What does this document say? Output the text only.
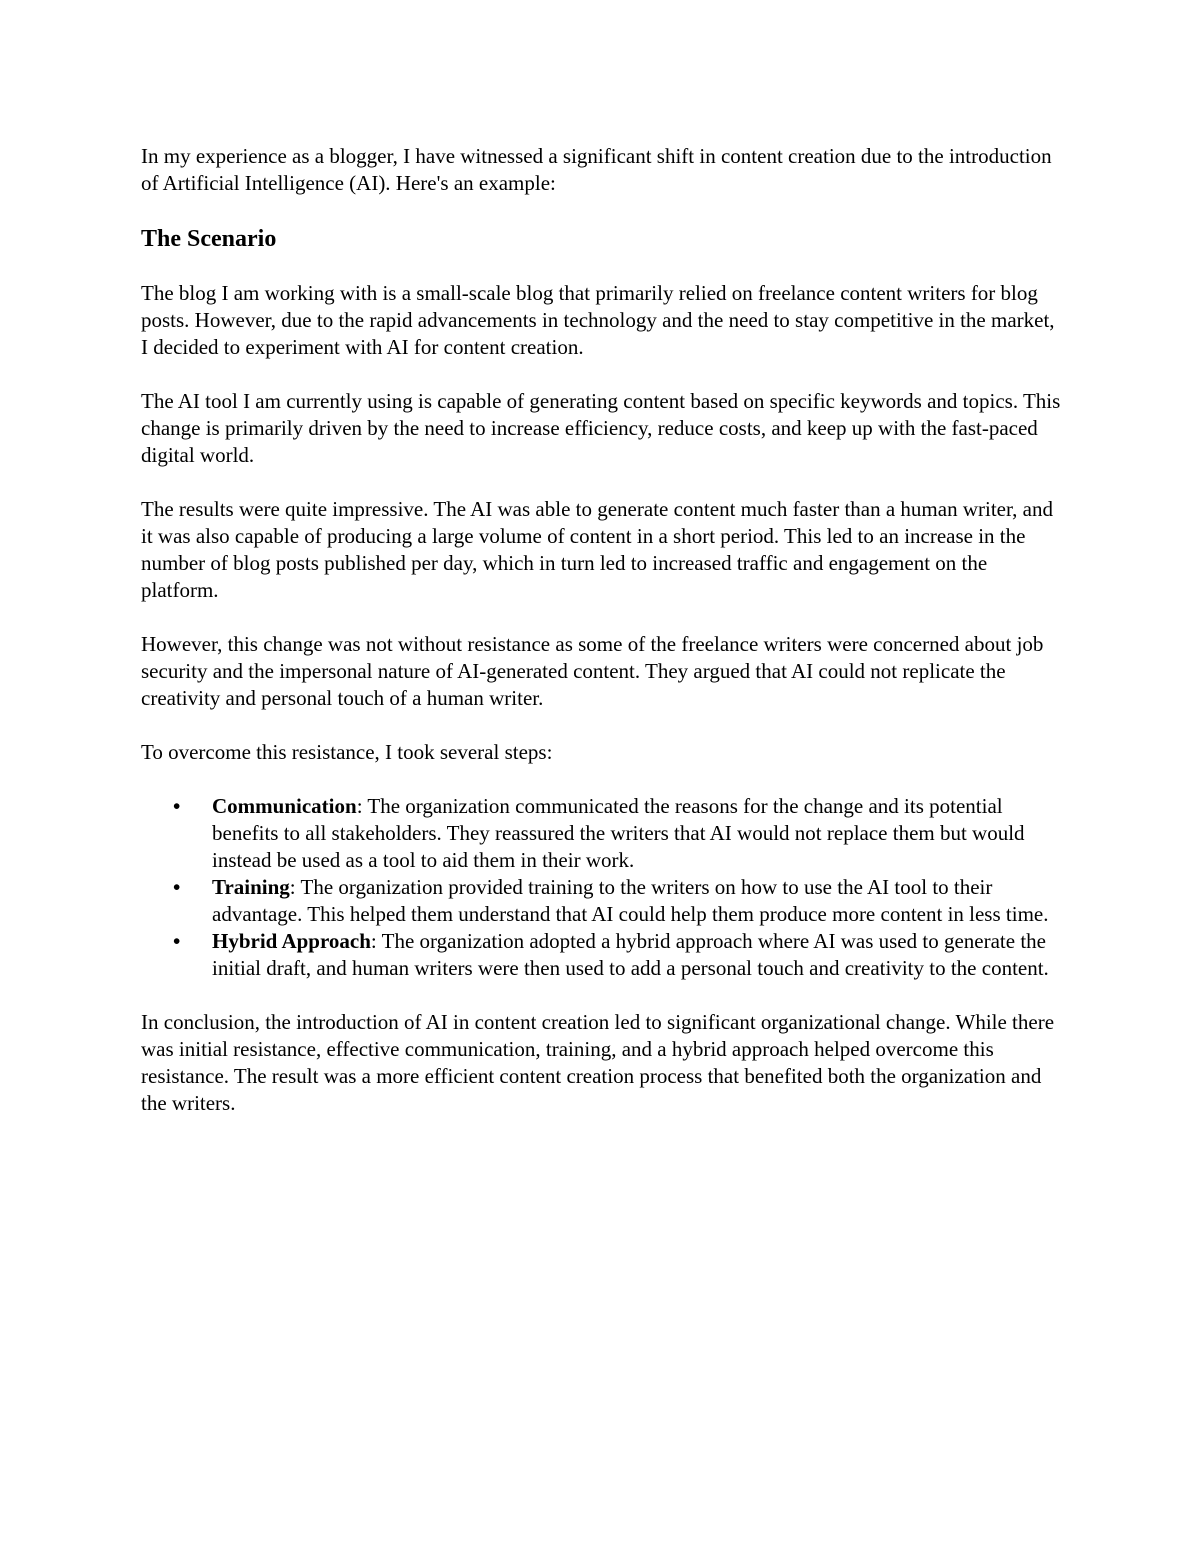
In my experience as a blogger, I have witnessed a significant shift in content creation due to the introduction of Artificial Intelligence (AI). Here's an example:

The Scenario

The blog I am working with is a small-scale blog that primarily relied on freelance content writers for blog posts. However, due to the rapid advancements in technology and the need to stay competitive in the market, I decided to experiment with AI for content creation.

The AI tool I am currently using is capable of generating content based on specific keywords and topics. This change is primarily driven by the need to increase efficiency, reduce costs, and keep up with the fast-paced digital world.

The results were quite impressive. The AI was able to generate content much faster than a human writer, and it was also capable of producing a large volume of content in a short period. This led to an increase in the number of blog posts published per day, which in turn led to increased traffic and engagement on the platform.

However, this change was not without resistance as some of the freelance writers were concerned about job security and the impersonal nature of AI-generated content. They argued that AI could not replicate the creativity and personal touch of a human writer.

To overcome this resistance, I took several steps:

• Communication: The organization communicated the reasons for the change and its potential benefits to all stakeholders. They reassured the writers that AI would not replace them but would instead be used as a tool to aid them in their work.
• Training: The organization provided training to the writers on how to use the AI tool to their advantage. This helped them understand that AI could help them produce more content in less time.
• Hybrid Approach: The organization adopted a hybrid approach where AI was used to generate the initial draft, and human writers were then used to add a personal touch and creativity to the content.

In conclusion, the introduction of AI in content creation led to significant organizational change. While there was initial resistance, effective communication, training, and a hybrid approach helped overcome this resistance. The result was a more efficient content creation process that benefited both the organization and the writers.
